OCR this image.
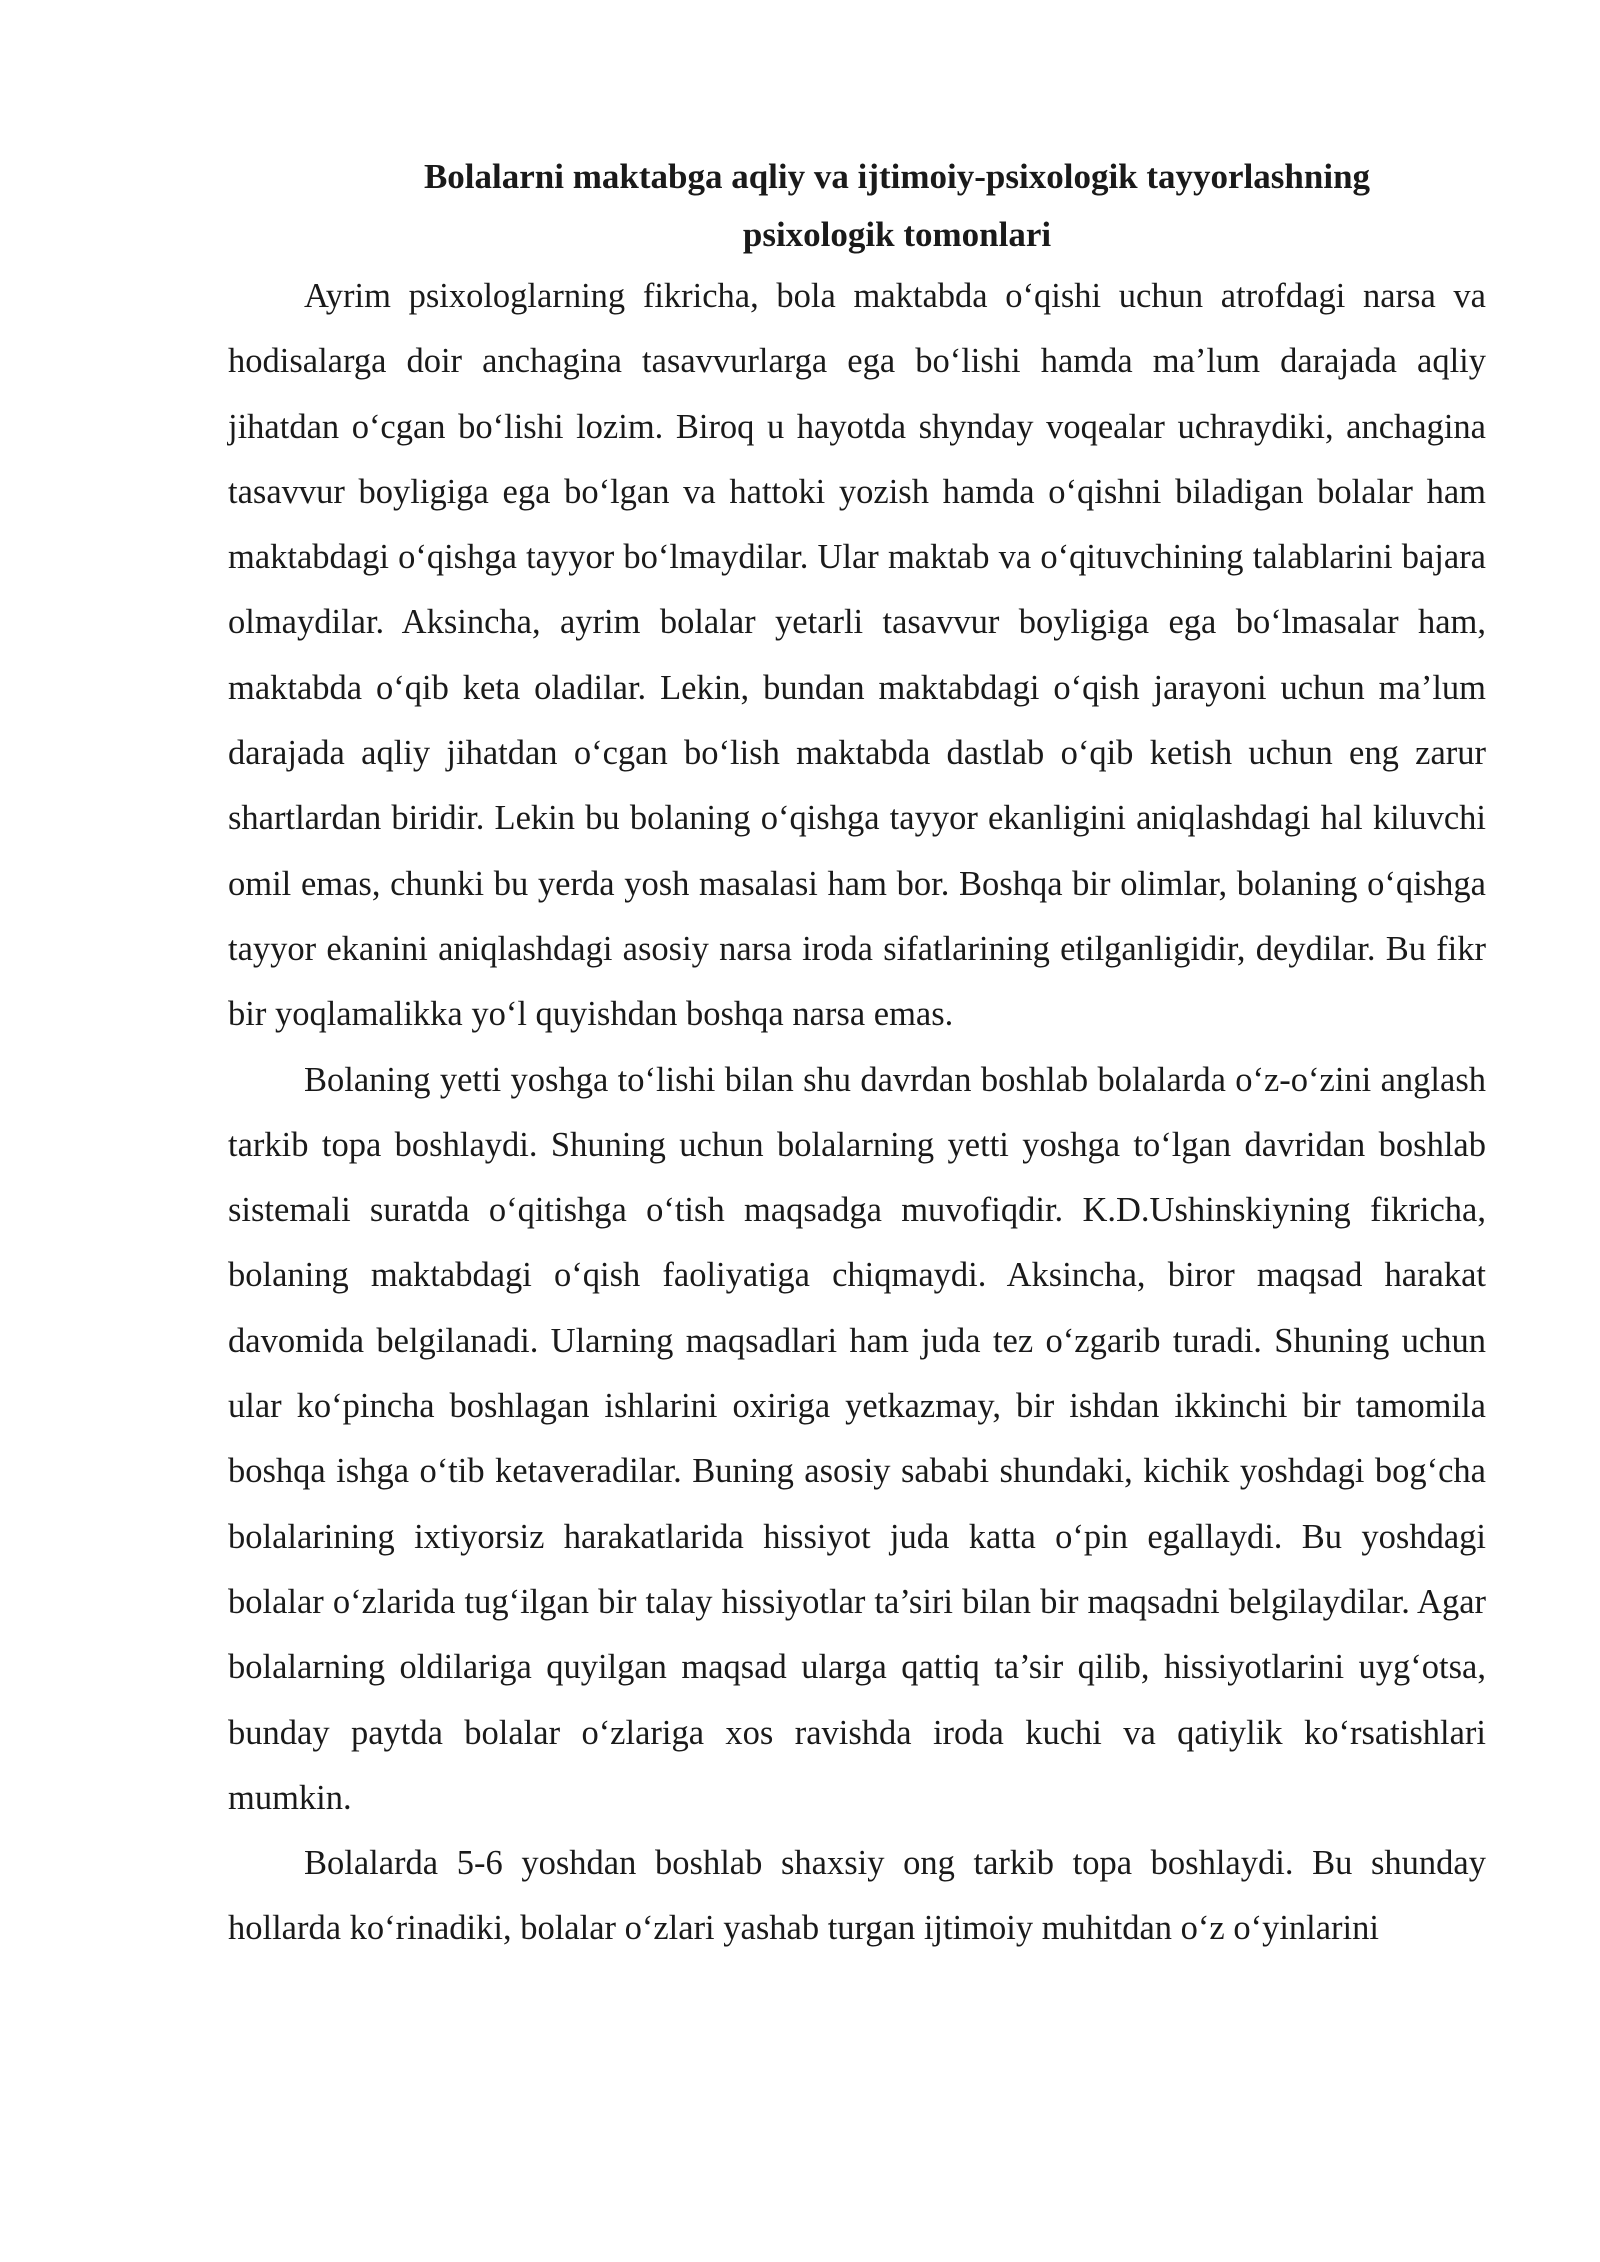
Bolalarni maktabga aqliy va ijtimoiy-psixologik tayyorlashning
psixologik tomonlari

Ayrim psixologlarning fikricha, bola maktabda o‘qishi uchun atrofdagi narsa va hodisalarga doir anchagina tasavvurlarga ega bo‘lishi hamda ma’lum darajada aqliy jihatdan o‘cgan bo‘lishi lozim. Biroq u hayotda shynday voqealar uchraydiki, anchagina tasavvur boyligiga ega bo‘lgan va hattoki yozish hamda o‘qishni biladigan bolalar ham maktabdagi o‘qishga tayyor bo‘lmaydilar. Ular maktab va o‘qituvchining talablarini bajara olmaydilar. Aksincha, ayrim bolalar yetarli tasavvur boyligiga ega bo‘lmasalar ham, maktabda o‘qib keta oladilar. Lekin, bundan maktabdagi o‘qish jarayoni uchun ma’lum darajada aqliy jihatdan o‘cgan bo‘lish maktabda dastlab o‘qib ketish uchun eng zarur shartlardan biridir. Lekin bu bolaning o‘qishga tayyor ekanligini aniqlashdagi hal kiluvchi omil emas, chunki bu yerda yosh masalasi ham bor. Boshqa bir olimlar, bolaning o‘qishga tayyor ekanini aniqlashdagi asosiy narsa iroda sifatlarining etilganligidir, deydilar. Bu fikr bir yoqlamalikka yo‘l quyishdan boshqa narsa emas.

Bolaning yetti yoshga to‘lishi bilan shu davrdan boshlab bolalarda o‘z-o‘zini anglash tarkib topa boshlaydi. Shuning uchun bolalarning yetti yoshga to‘lgan davridan boshlab sistemali suratda o‘qitishga o‘tish maqsadga muvofiqdir. K.D.Ushinskiyning fikricha, bolaning maktabdagi o‘qish faoliyatiga chiqmaydi. Aksincha, biror maqsad harakat davomida belgilanadi. Ularning maqsadlari ham juda tez o‘zgarib turadi. Shuning uchun ular ko‘pincha boshlagan ishlarini oxiriga yetkazmay, bir ishdan ikkinchi bir tamomila boshqa ishga o‘tib ketaveradilar. Buning asosiy sababi shundaki, kichik yoshdagi bog‘cha bolalarining ixtiyorsiz harakatlarida hissiyot juda katta o‘pin egallaydi. Bu yoshdagi bolalar o‘zlarida tug‘ilgan bir talay hissiyotlar ta’siri bilan bir maqsadni belgilaydilar. Agar bolalarning oldilariga quyilgan maqsad ularga qattiq ta’sir qilib, hissiyotlarini uyg‘otsa, bunday paytda bolalar o‘zlariga xos ravishda iroda kuchi va qatiylik ko‘rsatishlari mumkin.

Bolalarda 5-6 yoshdan boshlab shaxsiy ong tarkib topa boshlaydi. Bu shunday hollarda ko‘rinadiki, bolalar o‘zlari yashab turgan ijtimoiy muhitdan o‘z o‘yinlarini
